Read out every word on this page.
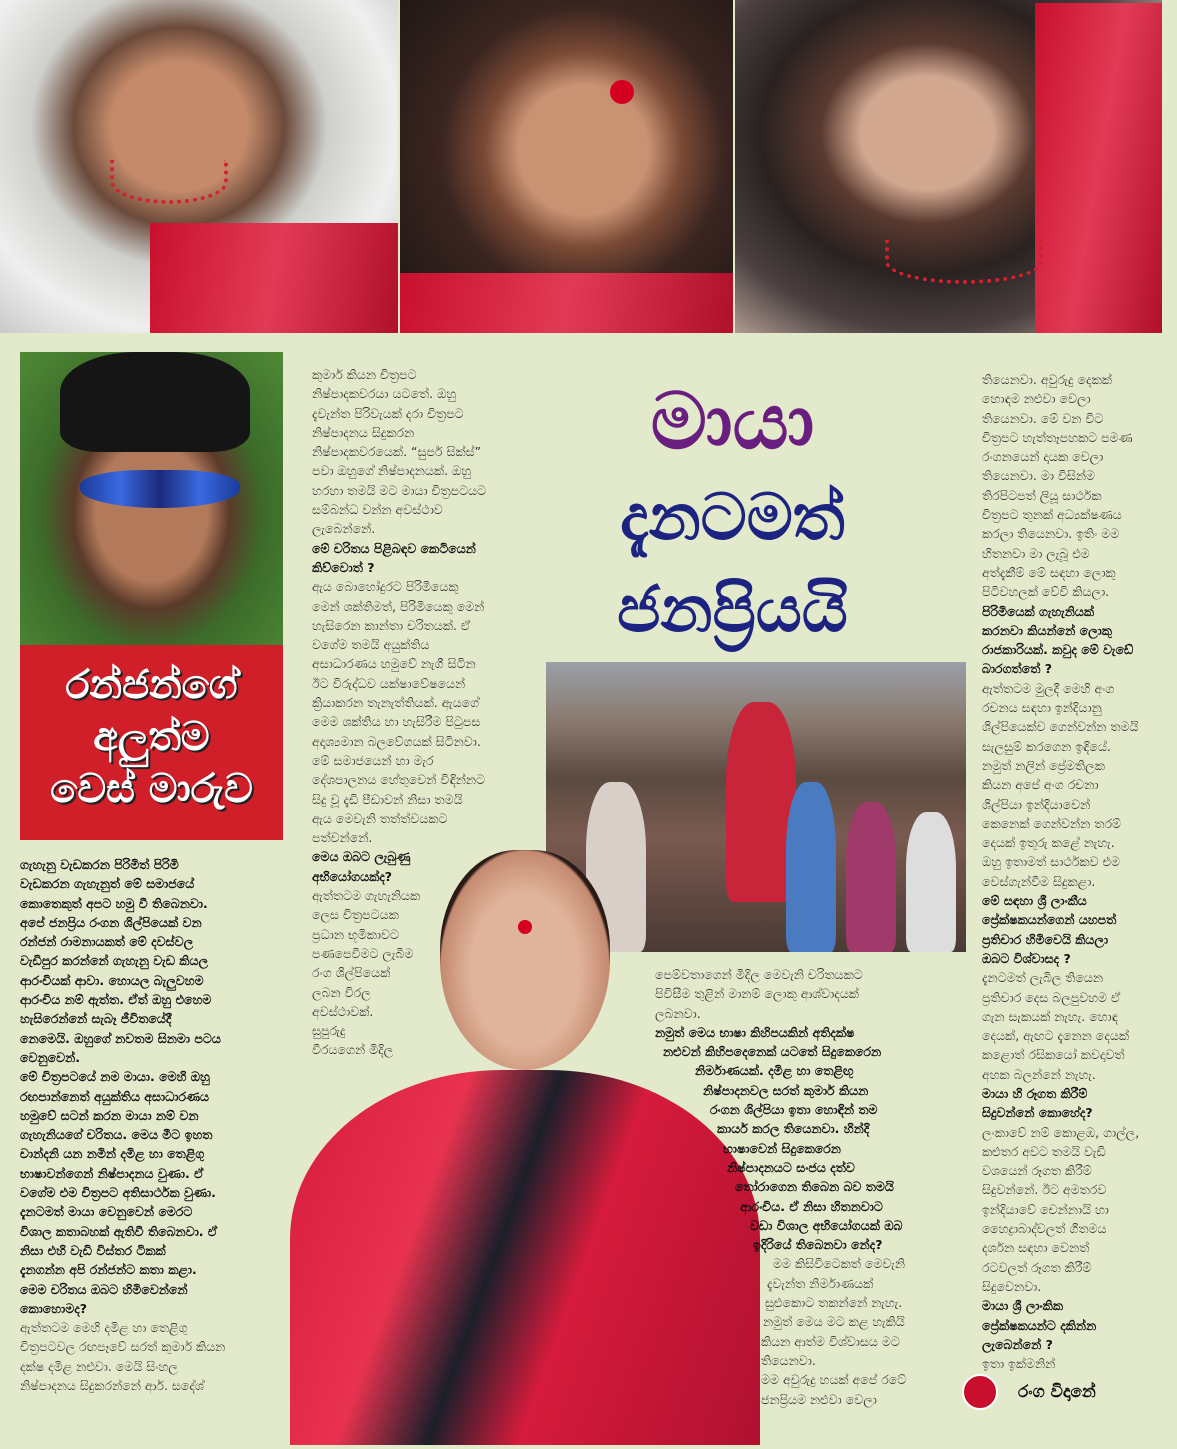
රන්ජන්ගේ
අලුත්ම
වෙස් මාරුව
මායා
දැනටමත්
ජනප්‍රියයි
ගැහැනු වැඩකරන පිරිමිත් පිරිමි
වැඩකරන ගැහැනුත් මේ සමාජයේ
කොතෙකුත් අපට හමු වී තිබෙනවා.
අපේ ජනප්‍රිය රංගන ශිල්පියෙක් වන
රන්ජන් රාමනායකත් මේ දවස්වල
වැඩිපුර කරන්නේ ගැහැනු වැඩ කියල
ආරංචියක් ආවා. හොයල බැලුවහම
ආරංචිය නම් ඇත්ත. ඒත් ඔහු එහෙම
හැසිරෙන්නේ සැබෑ ජීවිතයේදී
නෙමෙයි. ඔහුගේ නවතම සිනමා පටය
වෙනුවෙන්.
මේ චිත්‍රපටයේ නම මායා. මෙහි ඔහු
රඟපාන්නෙත් අයුක්තිය අසාධාරණය
හමුවේ සටන් කරන මායා නම් වන
ගැහැනියගේ චරිතය. මෙය මීට ඉහත
චාන්දනි යන නමින් දමිළ හා තෙළිගු
භාෂාවන්ගෙන් නිෂ්පාදනය වුණා. ඒ
වගේම එම චිත්‍රපට අතිසාර්ථක වුණා.
දැනටමත් මායා වෙනුවෙන් මෙරට
විශාල කතාබහක් ඇතිවී තිබෙනවා. ඒ
නිසා එහි වැඩි විස්තර ටිකක්
දැනගන්න අපි රන්ජන්ට කතා කළා.
මෙම චරිතය ඔබට හිමිවෙන්නේ
කොහොමද?
ඇත්තටම මෙහි දමිළ හා තෙළිගු
චිත්‍රපටවල රඟපෑවේ සරත් කුමාර් කියන
දක්ෂ දමිළ නළුවා. මෙයි සිංහල
නිෂ්පාදනය සිදුකරන්නේ ආර්. සදේශ්
කුමාර් කියන චිත්‍රපට
නිෂ්පාදකවරයා යටතේ. ඔහු
දැවැන්ත පිරිවැයක් දරා චිත්‍රපට
නිෂ්පාදනය සිදුකරන
නිෂ්පාදකවරයෙක්. “සුපර් සික්ස්”
පවා ඔහුගේ නිෂ්පාදනයක්. ඔහු
හරහා තමයි මට මායා චිත්‍රපටයට
සම්බන්ධ වන්න අවස්ථාව
ලැබෙන්නේ.
මේ චරිතය පිළිබඳව කෙටියෙන්
කිව්වොත් ?
ඇය බොහෝදුරට පිරිමියෙකු
මෙන් ශක්තිමත්, පිරිමියෙකු මෙන්
හැසිරෙන කාන්තා චරිතයක්. ඒ
වගේම තමයි අයුක්තිය
අසාධාරණය හමුවේ නැගී සිටින
ඊට විරුද්ධව යක්ෂාවේෂයෙන්
ක්‍රියාකරන තැනැත්තියක්. ඇයගේ
මෙම ශක්තිය හා හැසිරීම පිටුපස
අදෘශ්‍යමාන බලවේගයක් සිටිනවා.
මේ සමාජයෙන් හා මැර
දේශපාලනය හේතුවෙන් විඳින්නට
සිදු වූ දැඩි පීඩාවන් නිසා තමයි
ඇය මෙවැනි තත්ත්වයකට
පත්වන්නේ.
මෙය ඔබට ලැබුණු
අභියෝගයක්ද?
ඇත්තටම ගැහැනියක
ලෙස චිත්‍රපටයක
ප්‍රධාන භූමිකාවට
පණපෙවීමට ලැබීම
රංග ශිල්පියෙක්
ලබන විරල
අවස්ථාවක්.
සුපුරුදු
වීරයගෙන් මිදිල
පෙම්වතාගෙන් මිදිල මෙවැනි චරිතයකට
පිවිසීම තුළින් මානම් ලොකු ආශ්වාදයක්
ලබනවා.
නමුත් මෙය භාෂා කිහිපයකින් අතිදක්ෂ
නළුවන් කිහිපදෙනෙක් යටතේ සිදුකෙරෙන
නිර්මාණයක්. දමිළ හා තෙළිඟු
නිෂ්පාදනවල සරත් කුමාර් කියන
රංගන ශිල්පියා ඉතා හොඳින් තම
කාර්ය කරල තියෙනවා. හින්දි
භාෂාවෙන් සිදුකෙරෙන
නිෂ්පාදනයට සංජය දත්ව
තෝරාගෙන තිබෙන බව තමයි
ආරංචිය. ඒ නිසා හිතනවාට
වඩා විශාල අභියෝගයක් ඔබ
ඉදිරියේ තිබෙනවා නේද?
මම කිසිවිටෙකත් මෙවැනි
දැවැන්ත නිර්මාණයක්
සුළුකොට තකන්නේ නැහැ.
නමුත් මෙය මට කළ හැකියි
කියන ආත්ම විශ්වාසය මට
තියෙනවා.
මම අවුරුදු හයක් අපේ රටේ
ජනප්‍රියම නළුවා වෙලා
තියෙනවා. අවුරුදු දෙකක්
හොඳම නළුවා වෙලා
තියෙනවා. මේ වන විට
චිත්‍රපට හැත්තෑපහකට පමණ
රංගනයෙන් දායක වෙලා
තියෙනවා. මා විසින්ම
තිරපිටපත් ලියූ සාර්ථක
චිත්‍රපට තුනක් අධ්‍යක්ෂණය
කරලා තියෙනවා. ඉතිං මම
හිතනවා මා ලැබූ එම
අත්දැකීම් මේ සඳහා ලොකු
පිටිවහලක් වේවි කියලා.
පිරිමියෙක් ගැහැනියක්
කරනවා කියන්නේ ලොකු
රාජකාරියක්. කවුද මේ වැඩේ
බාරගත්තේ ?
ඇත්තටම මුලදී මෙහි අංග
රචනය සඳහා ඉන්දියානු
ශිල්පියෙක්ව ගෙන්වන්න තමයි
සැලසුම් කරගෙන ඉඳියේ.
නමුත් නලින් ප්‍රේමතිලක
කියන අපේ අංග රචනා
ශිල්පියා ඉන්දියාවෙන්
කෙනෙක් ගෙන්වන්න තරම්
දෙයක් ඉතුරු කළේ නැහැ.
ඔහු ඉතාමත් සාර්ථකව එම
වෙස්ගැන්වීම සිදුකළා.
මේ සඳහා ශ්‍රී ලාංකීය
ප්‍රේක්ෂකයන්ගෙන් යහපත්
ප්‍රතිචාර හිමිවෙයි කියලා
ඔබට විශ්වාසද ?
දැනටමත් ලැබිල තියෙන
ප්‍රතිචාර දෙස බලපුවහම ඒ
ගැන සැකයක් නැහැ. හොඳ
දෙයක්, ඇඟට දැනෙන දෙයක්
කළොත් රසිකයෝ කවදාවත්
අහක බලන්නේ නැහැ.
මායා හි රූගත කිරීම්
සිදුවන්නේ කොහේද?
ලංකාවේ නම් කොළඹ, ගාල්ල,
කළුතර අවට තමයි වැඩි
වශයෙන් රූගත කිරීම්
සිදුවන්නේ. ඊට අමතරව
ඉන්දියාවේ චෙන්නායි හා
හෛද්‍රාබාද්වලත් ගීතමය
දර්ශන සඳහා වෙනත්
රටවලත් රූගත කිරීම්
සිදුවෙනවා.
මායා ශ්‍රී ලාංකික
ප්‍රේක්ෂකයන්ට දකින්න
ලැබෙන්නේ ?
ඉතා ඉක්මනින්
රංග විදානේ
